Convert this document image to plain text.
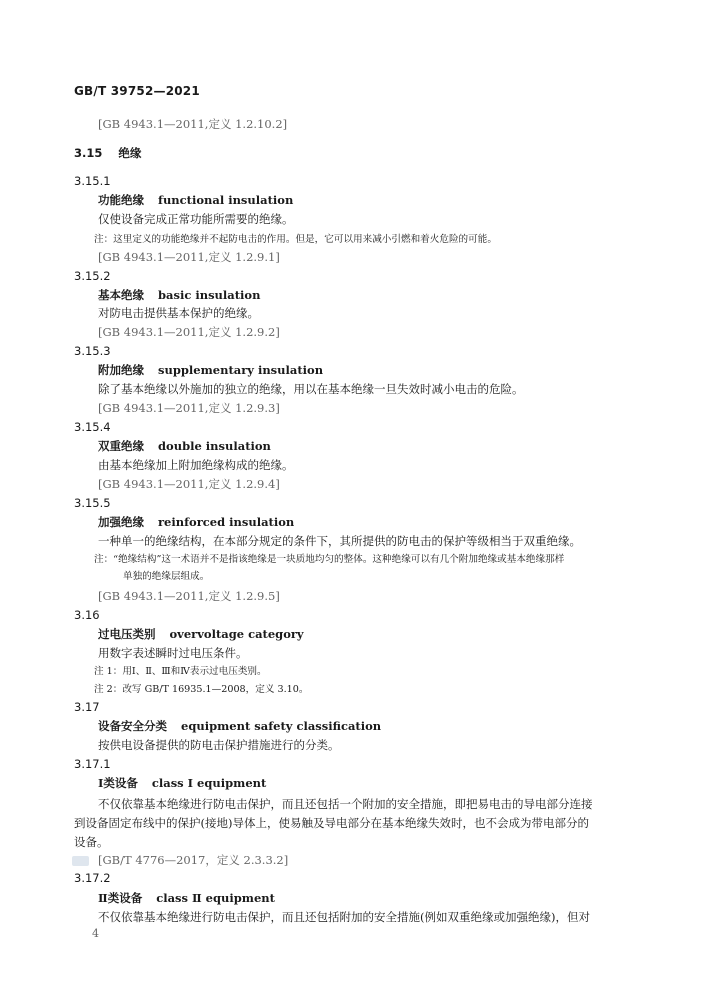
GB/T 39752—2021
[GB 4943.1—2011,定义 1.2.10.2]
3.15 绝缘
3.15.1
功能绝缘 functional insulation
仅使设备完成正常功能所需要的绝缘。
注：这里定义的功能绝缘并不起防电击的作用。但是，它可以用来减小引燃和着火危险的可能。
[GB 4943.1—2011,定义 1.2.9.1]
3.15.2
基本绝缘 basic insulation
对防电击提供基本保护的绝缘。
[GB 4943.1—2011,定义 1.2.9.2]
3.15.3
附加绝缘 supplementary insulation
除了基本绝缘以外施加的独立的绝缘，用以在基本绝缘一旦失效时减小电击的危险。
[GB 4943.1—2011,定义 1.2.9.3]
3.15.4
双重绝缘 double insulation
由基本绝缘加上附加绝缘构成的绝缘。
[GB 4943.1—2011,定义 1.2.9.4]
3.15.5
加强绝缘 reinforced insulation
一种单一的绝缘结构，在本部分规定的条件下，其所提供的防电击的保护等级相当于双重绝缘。
注：“绝缘结构”这一术语并不是指该绝缘是一块质地均匀的整体。这种绝缘可以有几个附加绝缘或基本绝缘那样
单独的绝缘层组成。
[GB 4943.1—2011,定义 1.2.9.5]
3.16
过电压类别 overvoltage category
用数字表述瞬时过电压条件。
注 1：用Ⅰ、Ⅱ、Ⅲ和Ⅳ表示过电压类别。
注 2：改写 GB/T 16935.1—2008，定义 3.10。
3.17
设备安全分类 equipment safety classification
按供电设备提供的防电击保护措施进行的分类。
3.17.1
Ⅰ类设备 class Ⅰ equipment
不仅依靠基本绝缘进行防电击保护，而且还包括一个附加的安全措施，即把易电击的导电部分连接
到设备固定布线中的保护(接地)导体上，使易触及导电部分在基本绝缘失效时，也不会成为带电部分的
设备。
[GB/T 4776—2017，定义 2.3.3.2]
3.17.2
Ⅱ类设备 class Ⅱ equipment
不仅依靠基本绝缘进行防电击保护，而且还包括附加的安全措施(例如双重绝缘或加强绝缘)，但对
4
